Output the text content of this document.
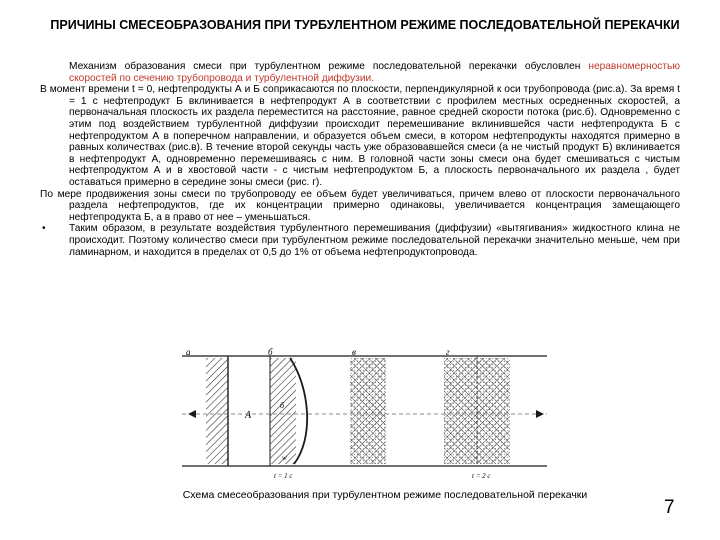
ПРИЧИНЫ СМЕСЕОБРАЗОВАНИЯ ПРИ ТУРБУЛЕНТНОМ РЕЖИМЕ ПОСЛЕДОВАТЕЛЬНОЙ ПЕРЕКАЧКИ

Механизм образования смеси при турбулентном режиме последовательной перекачки обусловлен неравномерностью скоростей по сечению трубопровода и турбулентной диффузии.

В момент времени t = 0, нефтепродукты А и Б соприкасаются по плоскости, перпендикулярной к оси трубопровода (рис.а). За время t = 1 с нефтепродукт Б вклинивается в нефтепродукт А в соответствии с профилем местных осредненных скоростей, а первоначальная плоскость их раздела переместится на расстояние, равное средней скорости потока (рис.б). Одновременно с этим под воздействием турбулентной диффузии происходит перемешивание вклинившейся части нефтепродукта Б с нефтепродуктом А в поперечном направлении, и образуется объем смеси, в котором нефтепродукты находятся примерно в равных количествах (рис.в). В течение второй секунды часть уже образовавшейся смеси (а не чистый продукт Б) вклинивается в нефтепродукт А, одновременно перемешиваясь с ним. В головной части зоны смеси она будет смешиваться с чистым нефтепродуктом А и в хвостовой части - с чистым нефтепродуктом Б, а плоскость первоначального их раздела , будет оставаться примерно в середине зоны смеси (рис. г).

По мере продвижения зоны смеси по трубопроводу ее объем будет увеличиваться, причем влево от плоскости первоначального раздела нефтепродуктов, где их концентрации примерно одинаковы, увеличивается концентрация замещающего нефтепродукта Б, а в право от нее – уменьшаться.

• Таким образом, в результате воздействия турбулентного перемешивания (диффузии) «вытягивания» жидкостного клина не происходит. Поэтому количество смеси при турбулентном режиме последовательной перекачки значительно меньше, чем при ламинарном, и находится в пределах от 0,5 до 1% от объема нефтепродуктопровода.

а
А
б
б
w
t = 1 c
в	г
t = 2 c
Схема смесеобразования при турбулентном режиме последовательной перекачки
7
